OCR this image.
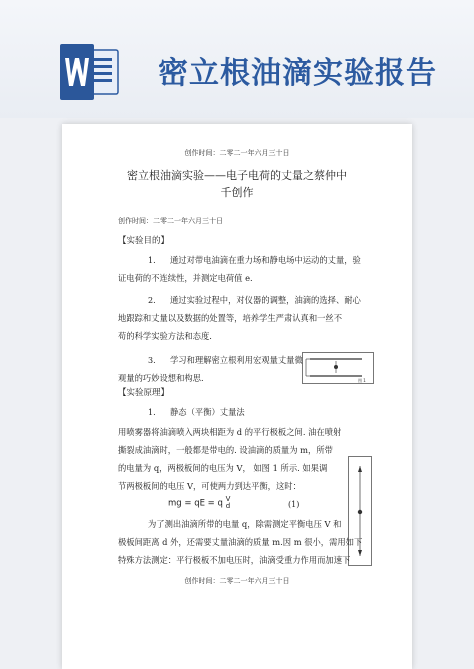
密立根油滴实验报告
创作时间：二零二一年六月三十日
密立根油滴实验——电子电荷的丈量之蔡仲中
千创作
创作时间：二零二一年六月三十日
【实验目的】
1. 通过对带电油滴在重力场和静电场中运动的丈量，验
证电荷的不连续性，并测定电荷值 e.
2. 通过实验过程中，对仪器的调整，油滴的选择、耐心
地跟踪和丈量以及数据的处置等，培养学生严肃认真和一丝不
苟的科学实验方法和态度.
3. 学习和理解密立根利用宏观量丈量微
观量的巧妙设想和构思.	图 1
【实验原理】
1. 静态（平衡）丈量法
用喷雾器将油滴喷入两块相距为 d 的平行极板之间. 油在喷射
撕裂成油滴时，一般都是带电的. 设油滴的质量为 m，所带
的电量为 q，两极板间的电压为 V， 如图 1 所示. 如果调
节两极板间的电压 V，可使两力到达平衡，这时：
mg = qE = q V
d	(1)
为了测出油滴所带的电量 q，除需测定平衡电压 V 和
极板间距离 d 外，还需要丈量油滴的质量 m.因 m 很小，需用如下
特殊方法测定：平行极板不加电压时，油滴受重力作用而加速下
创作时间：二零二一年六月三十日
